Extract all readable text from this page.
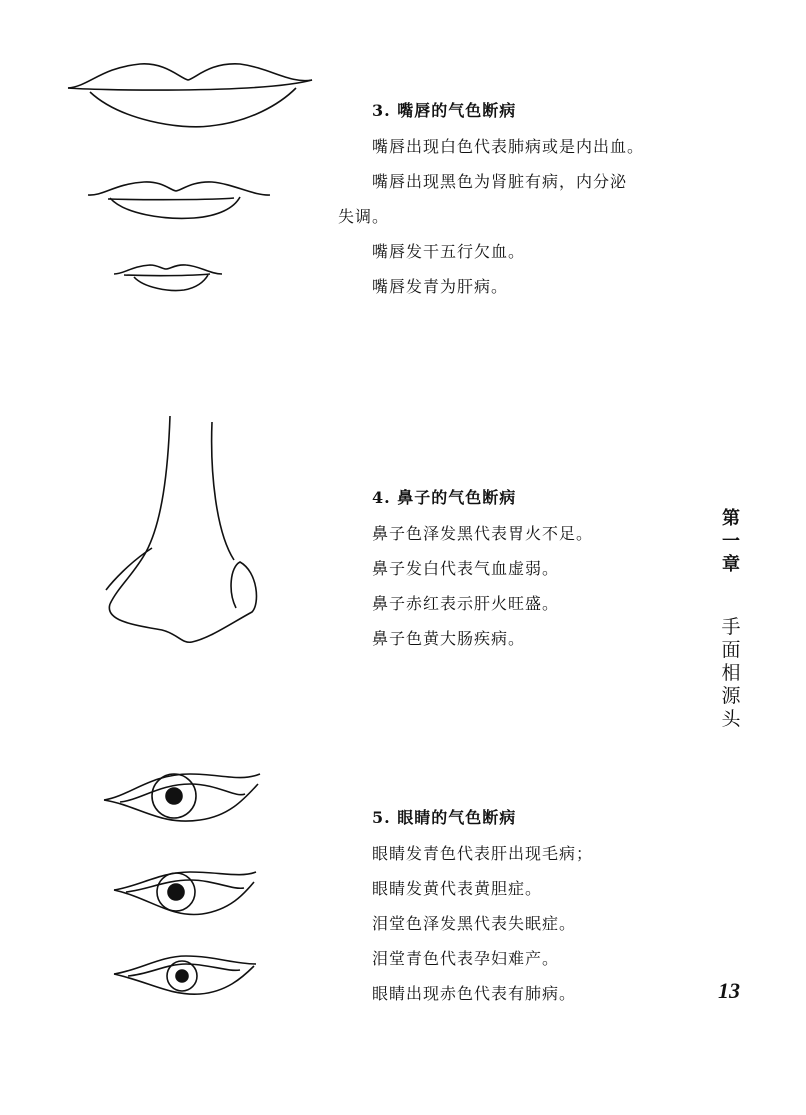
3. 嘴唇的气色断病
嘴唇出现白色代表肺病或是内出血。
嘴唇出现黑色为肾脏有病，内分泌
失调。
嘴唇发干五行欠血。
嘴唇发青为肝病。
4. 鼻子的气色断病
鼻子色泽发黑代表胃火不足。
鼻子发白代表气血虚弱。
鼻子赤红表示肝火旺盛。
鼻子色黄大肠疾病。
5. 眼睛的气色断病
眼睛发青色代表肝出现毛病；
眼睛发黄代表黄胆症。
泪堂色泽发黑代表失眠症。
泪堂青色代表孕妇难产。
眼睛出现赤色代表有肺病。
第
一
章
手
面
相
源
头
13
